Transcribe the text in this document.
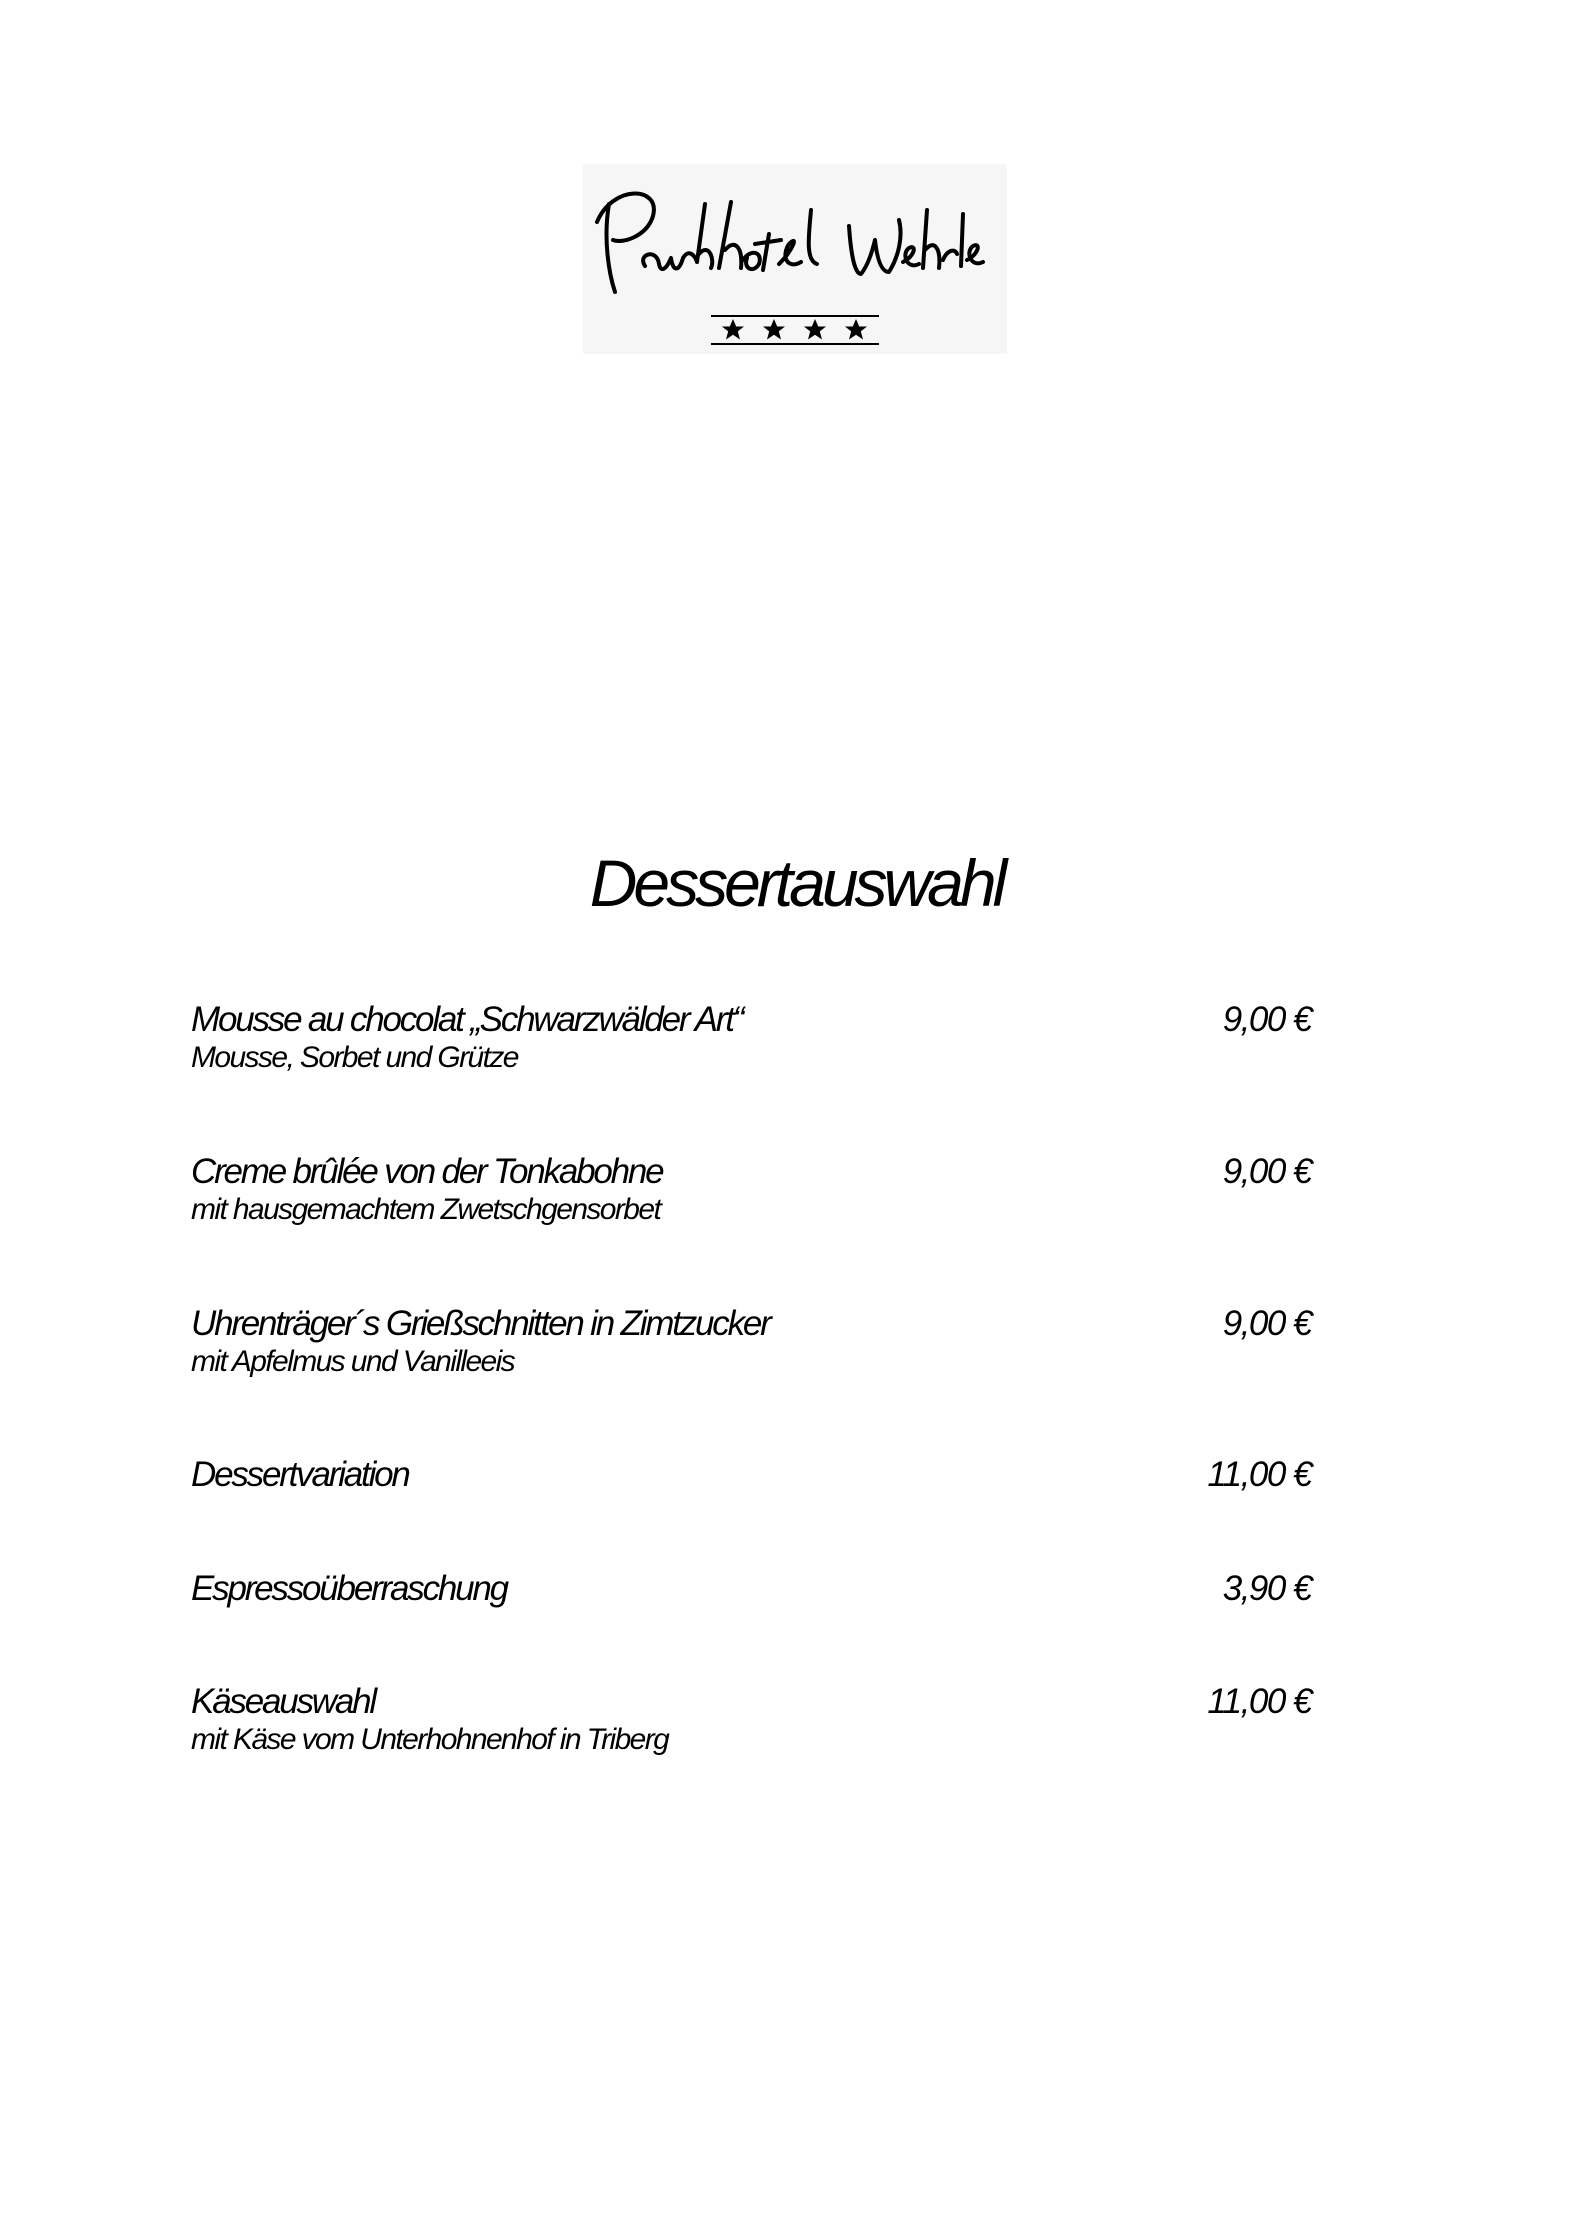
Dessertauswahl
Mousse au chocolat „Schwarzwälder Art“
Mousse, Sorbet und Grütze
9,00 €
Creme brûlée von der Tonkabohne
mit hausgemachtem Zwetschgensorbet
9,00 €
Uhrenträger´s Grießschnitten in Zimtzucker
mit Apfelmus und Vanilleeis
9,00 €
Dessertvariation	11,00 €
Espressoüberraschung	3,90 €
Käseauswahl
mit Käse vom Unterhohnenhof in Triberg
11,00 €
